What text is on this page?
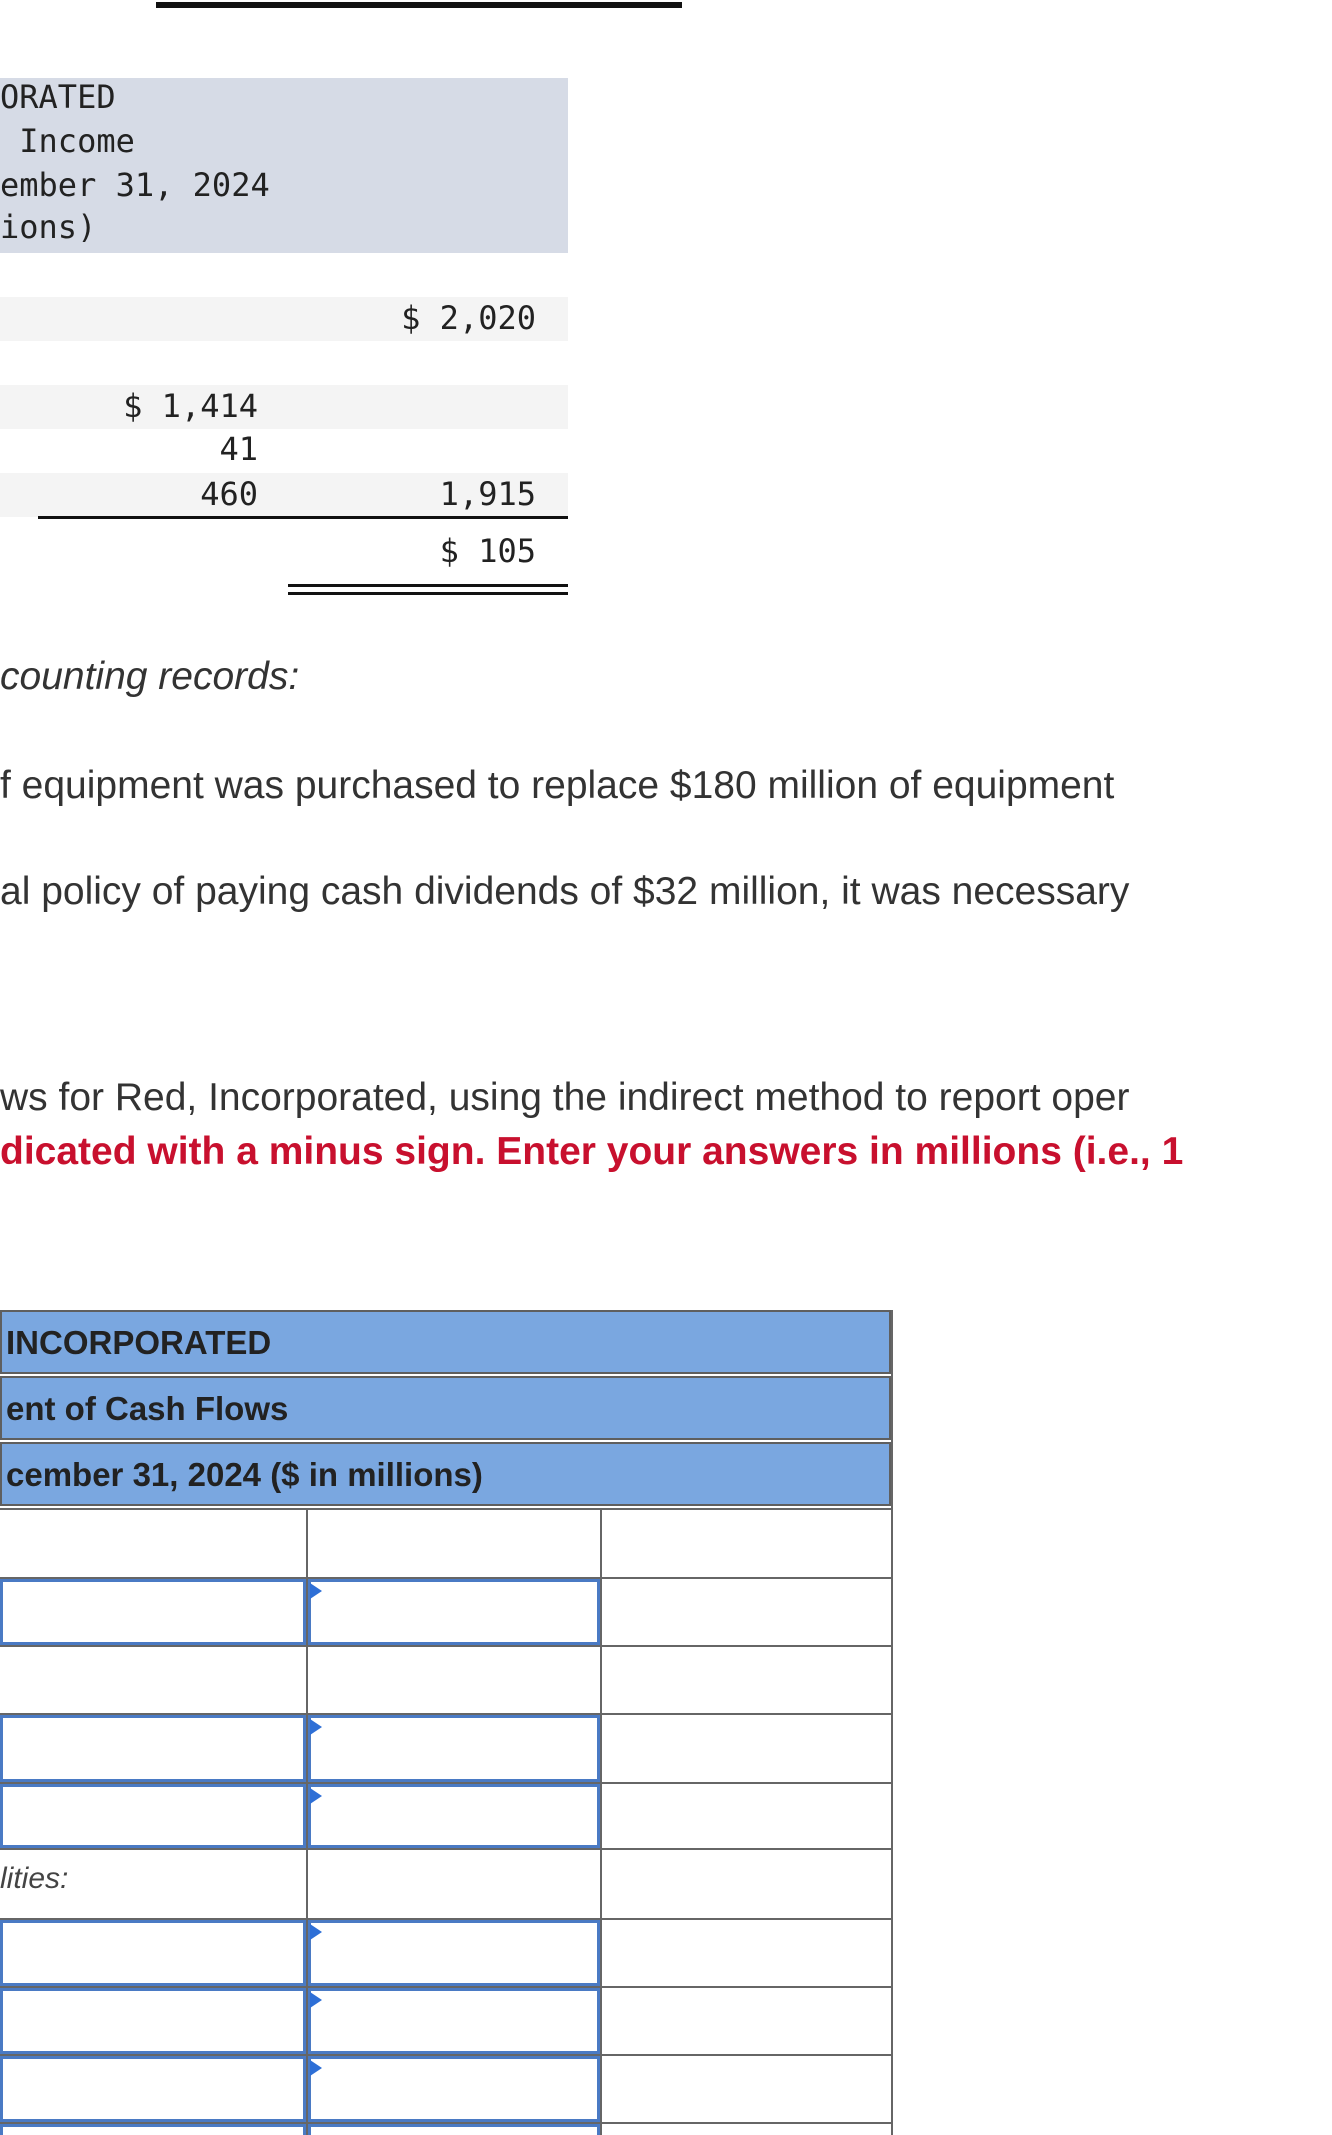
ORATED
Income
ember 31, 2024
ions)
$ 2,020
$ 1,414
41
460	1,915
$ 105
counting records:
f equipment was purchased to replace $180 million of equipment
al policy of paying cash dividends of $32 million, it was necessary
ws for Red, Incorporated, using the indirect method to report oper
dicated with a minus sign. Enter your answers in millions (i.e., 1
INCORPORATED
ent of Cash Flows
cember 31, 2024 ($ in millions)
lities:
